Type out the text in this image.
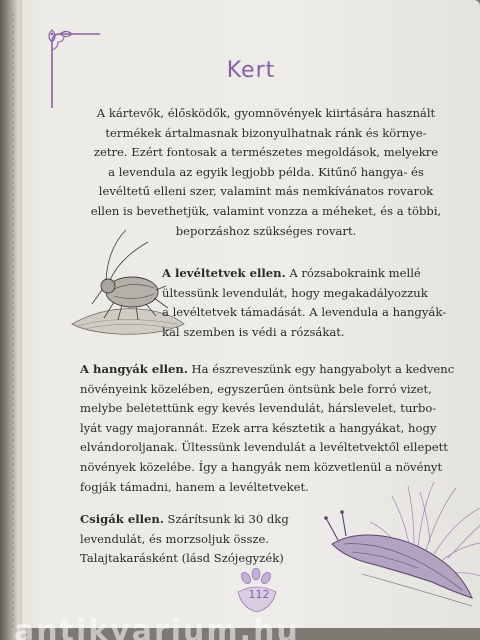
Kert
A kártevők, élősködők, gyomnövények kiirtására használt
termékek ártalmasnak bizonyulhatnak ránk és környe-
zetre. Ezért fontosak a természetes megoldások, melyekre
a levendula az egyik legjobb példa. Kitűnő hangya- és
levéltetű elleni szer, valamint más nemkívánatos rovarok
ellen is bevethetjük, valamint vonzza a méheket, és a többi,
beporzáshoz szükséges rovart.
A levéltetvek ellen. A rózsabokraink mellé
ültessünk levendulát, hogy megakadályozzuk
a levéltetvek támadását. A levendula a hangyák-
kal szemben is védi a rózsákat.
A hangyák ellen. Ha észreveszünk egy hangyabolyt a kedvenc
növényeink közelében, egyszerűen öntsünk bele forró vizet,
melybe beletettünk egy kevés levendulát, hárslevelet, turbo-
lyát vagy majorannát. Ezek arra késztetik a hangyákat, hogy
elvándoroljanak. Ültessünk levendulát a levéltetvektől ellepett
növények közelébe. Így a hangyák nem közvetlenül a növényt
fogják támadni, hanem a levéltetveket.
Csigák ellen. Szárítsunk ki 30 dkg
levendulát, és morzsoljuk össze.
Talajtakarásként (lásd Szójegyzék)
112
antikvarium.hu
